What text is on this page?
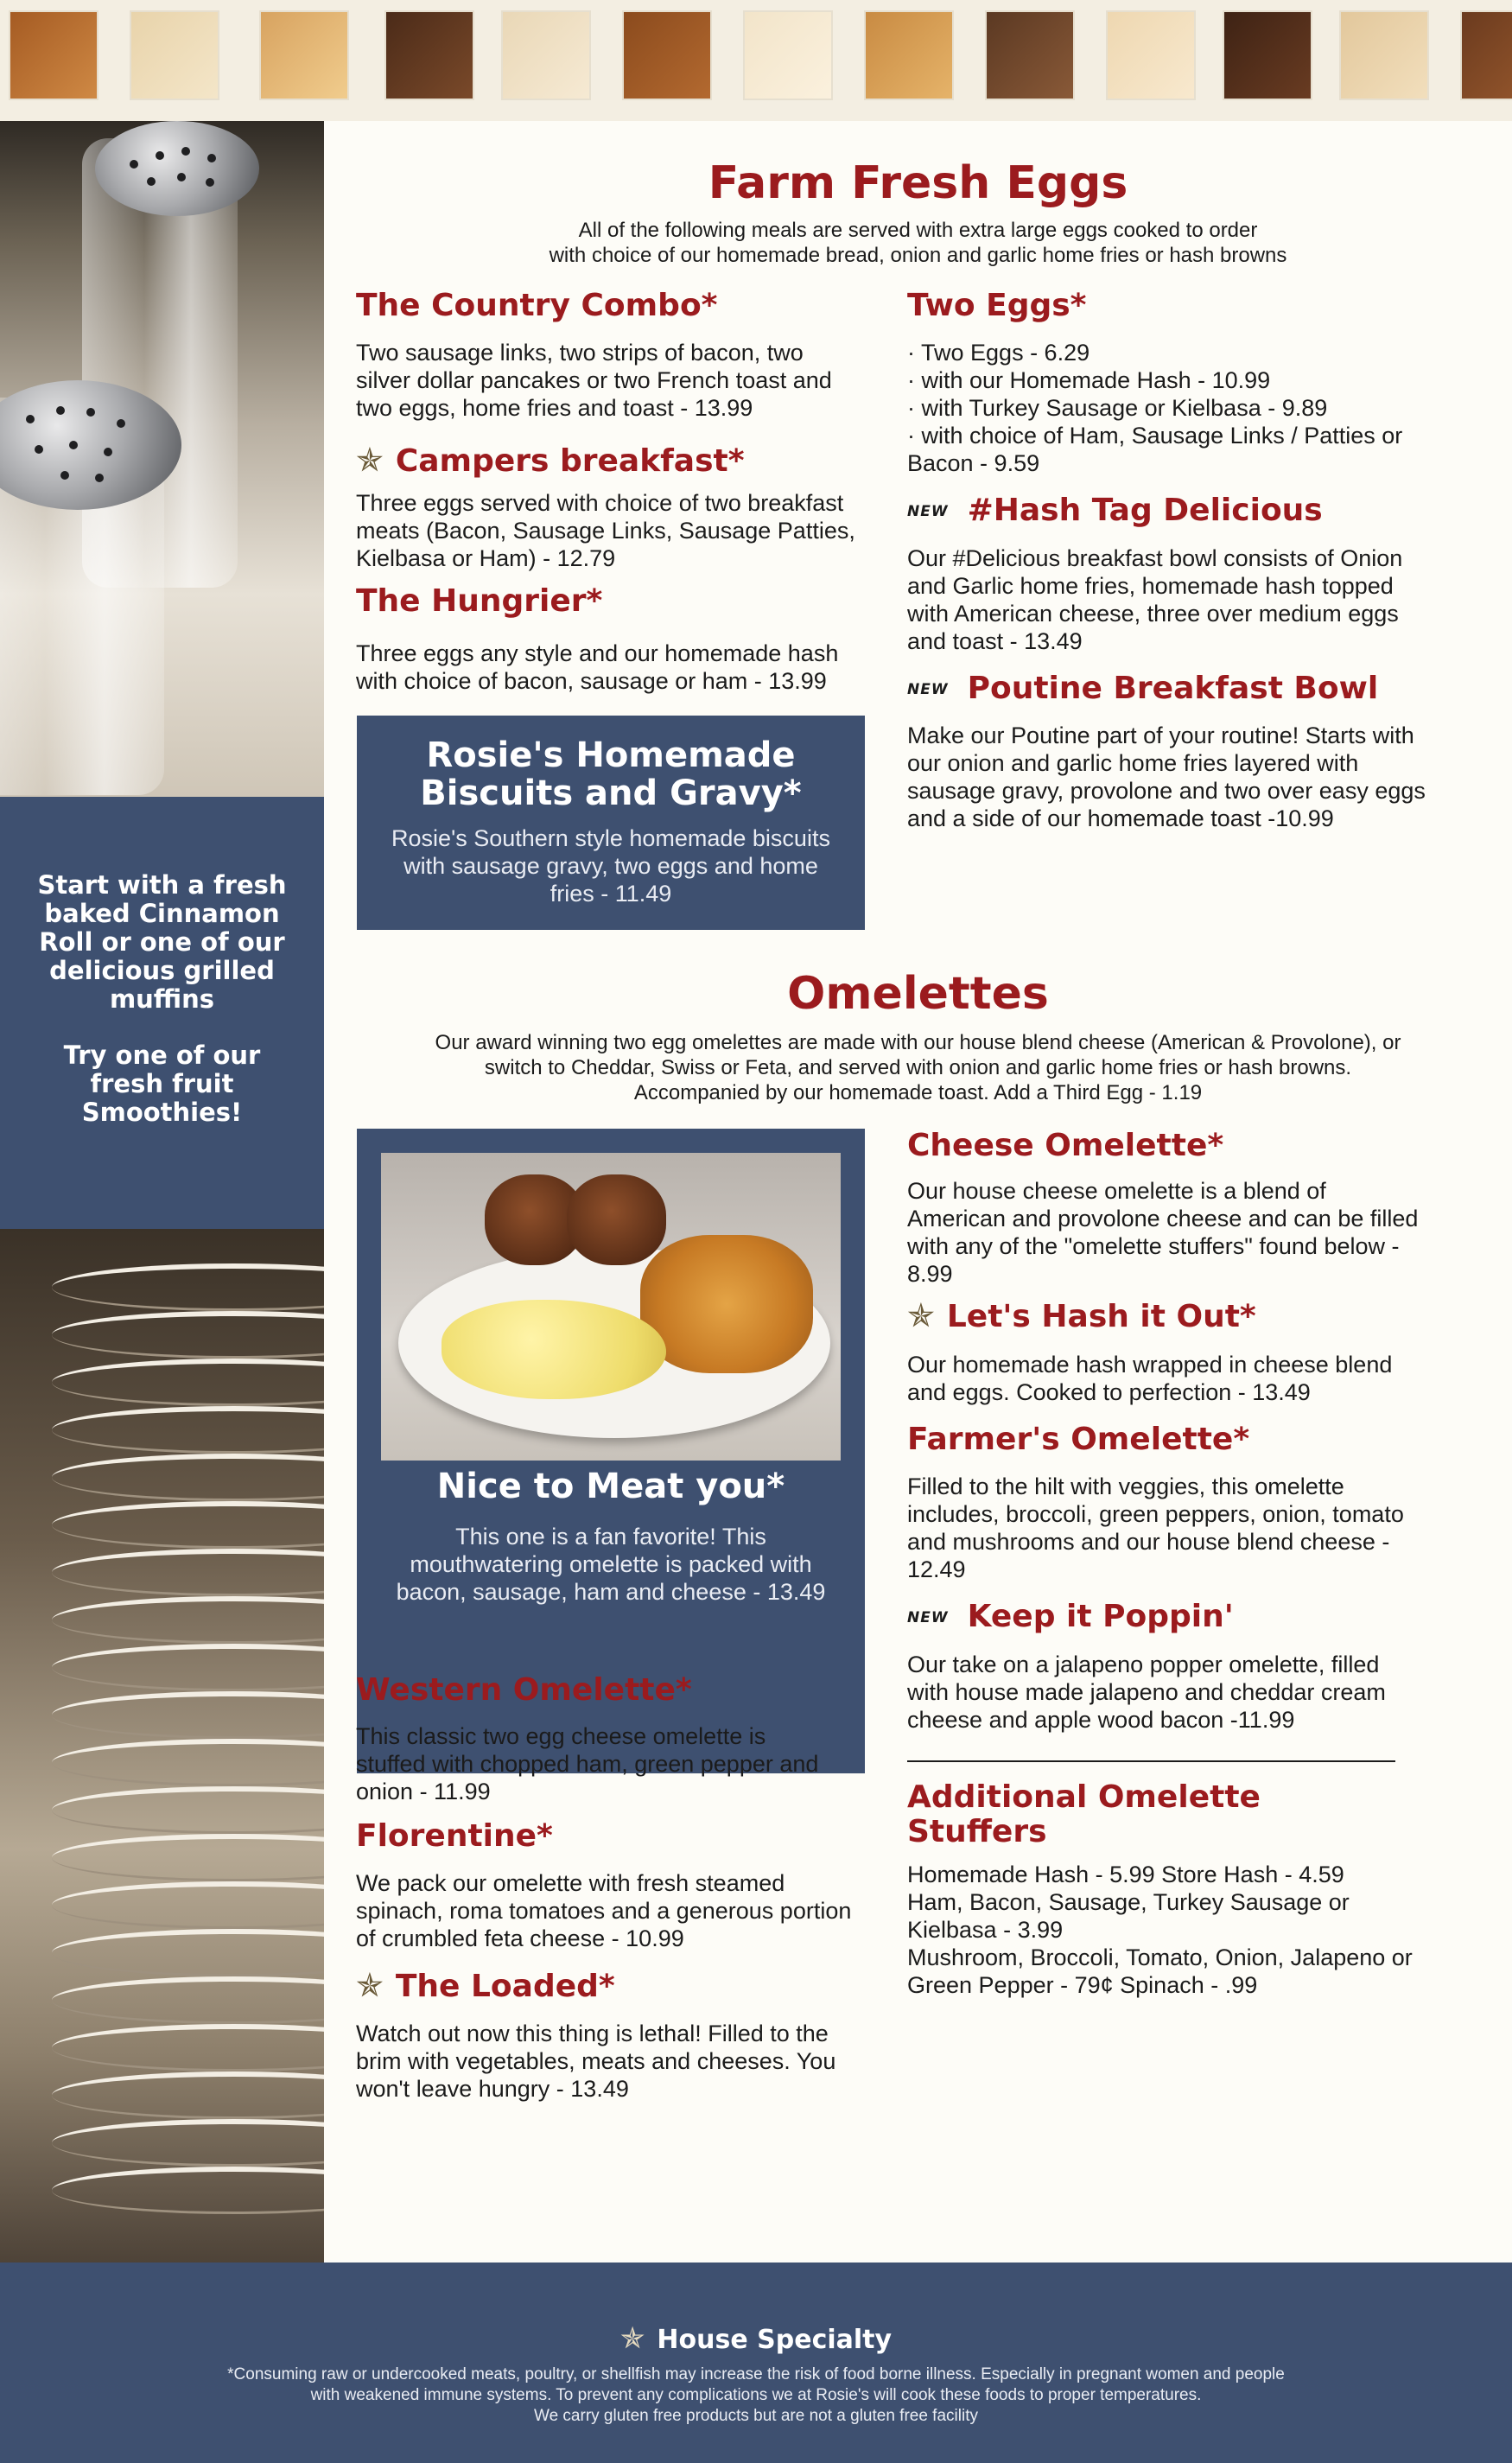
Start with a fresh baked Cinnamon Roll or one of our delicious grilled muffins

Try one of our fresh fruit Smoothies!

Farm Fresh Eggs
All of the following meals are served with extra large eggs cooked to order
with choice of our homemade bread, onion and garlic home fries or hash browns
The Country Combo*
Two sausage links, two strips of bacon, two silver dollar pancakes or two French toast and two eggs, home fries and toast - 13.99
✯ Campers breakfast*
Three eggs served with choice of two breakfast meats (Bacon, Sausage Links, Sausage Patties, Kielbasa or Ham) - 12.79
The Hungrier*
Three eggs any style and our homemade hash with choice of bacon, sausage or ham - 13.99
Rosie's Homemade Biscuits and Gravy*
Rosie's Southern style homemade biscuits with sausage gravy, two eggs and home fries - 11.49
Two Eggs*
· Two Eggs - 6.29
· with our Homemade Hash - 10.99
· with Turkey Sausage or Kielbasa - 9.89
· with choice of Ham, Sausage Links / Patties or Bacon - 9.59
NEW #Hash Tag Delicious
Our #Delicious breakfast bowl consists of Onion and Garlic home fries, homemade hash topped with American cheese, three over medium eggs and toast - 13.49
NEW Poutine Breakfast Bowl
Make our Poutine part of your routine! Starts with our onion and garlic home fries layered with sausage gravy, provolone and two over easy eggs and a side of our homemade toast -10.99
Omelettes
Our award winning two egg omelettes are made with our house blend cheese (American & Provolone), or
switch to Cheddar, Swiss or Feta, and served with onion and garlic home fries or hash browns.
Accompanied by our homemade toast. Add a Third Egg - 1.19
Nice to Meat you*
This one is a fan favorite! This mouthwatering omelette is packed with bacon, sausage, ham and cheese - 13.49
Western Omelette*
This classic two egg cheese omelette is stuffed with chopped ham, green pepper and onion - 11.99
Florentine*
We pack our omelette with fresh steamed spinach, roma tomatoes and a generous portion of crumbled feta cheese - 10.99
✯ The Loaded*
Watch out now this thing is lethal! Filled to the brim with vegetables, meats and cheeses. You won't leave hungry - 13.49
Cheese Omelette*
Our house cheese omelette is a blend of American and provolone cheese and can be filled with any of the "omelette stuffers" found below - 8.99
✯ Let's Hash it Out*
Our homemade hash wrapped in cheese blend and eggs. Cooked to perfection - 13.49
Farmer's Omelette*
Filled to the hilt with veggies, this omelette includes, broccoli, green peppers, onion, tomato and mushrooms and our house blend cheese - 12.49
NEW Keep it Poppin'
Our take on a jalapeno popper omelette, filled with house made jalapeno and cheddar cream cheese and apple wood bacon -11.99
Additional Omelette
Stuffers
Homemade Hash - 5.99 Store Hash - 4.59
Ham, Bacon, Sausage, Turkey Sausage or Kielbasa - 3.99
Mushroom, Broccoli, Tomato, Onion, Jalapeno or Green Pepper - 79¢ Spinach - .99
✯ House Specialty
*Consuming raw or undercooked meats, poultry, or shellfish may increase the risk of food borne illness. Especially in pregnant women and people
with weakened immune systems. To prevent any complications we at Rosie's will cook these foods to proper temperatures.
We carry gluten free products but are not a gluten free facility
